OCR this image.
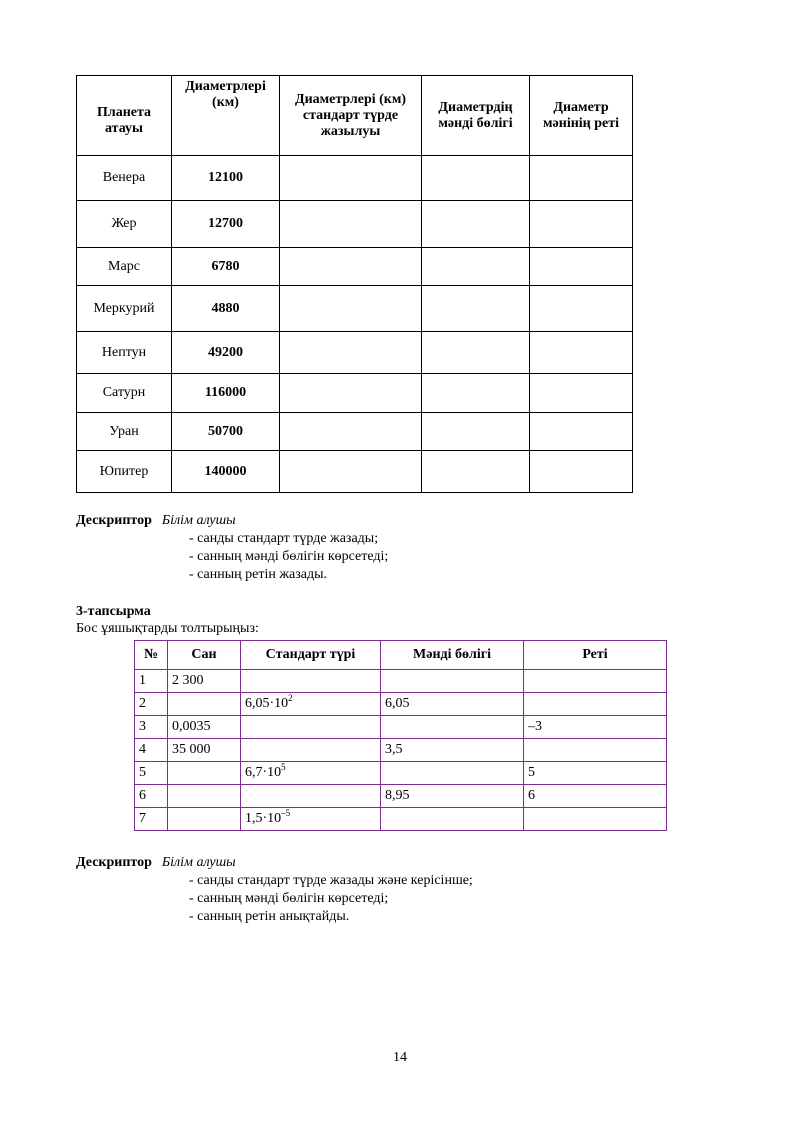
Планета атауы	Диаметрлері (км)	Диаметрлері (км) стандарт түрде жазылуы	Диаметрдің мәнді бөлігі	Диаметр мәнінің реті
Венера	12100			
Жер	12700			
Марс	6780			
Меркурий	4880			
Нептун	49200			
Сатурн	116000			
Уран	50700			
Юпитер	140000			
Дескриптор Білім алушы
- санды стандарт түрде жазады;
- санның мәнді бөлігін көрсетеді;
- санның ретін жазады.
3-тапсырма
Бос ұяшықтарды толтырыңыз:
№	Сан	Стандарт түрі	Мәнді бөлігі	Реті
1	2 300			
2		$6,05\cdot 10^2$	6,05	
3	0,0035			–3
4	35 000		3,5	
5		$6,7\cdot 10^5$		5
6			8,95	6
7		$1,5\cdot 10^{-5}$		
Дескриптор Білім алушы
- санды стандарт түрде жазады және керісінше;
- санның мәнді бөлігін көрсетеді;
- санның ретін анықтайды.
14
